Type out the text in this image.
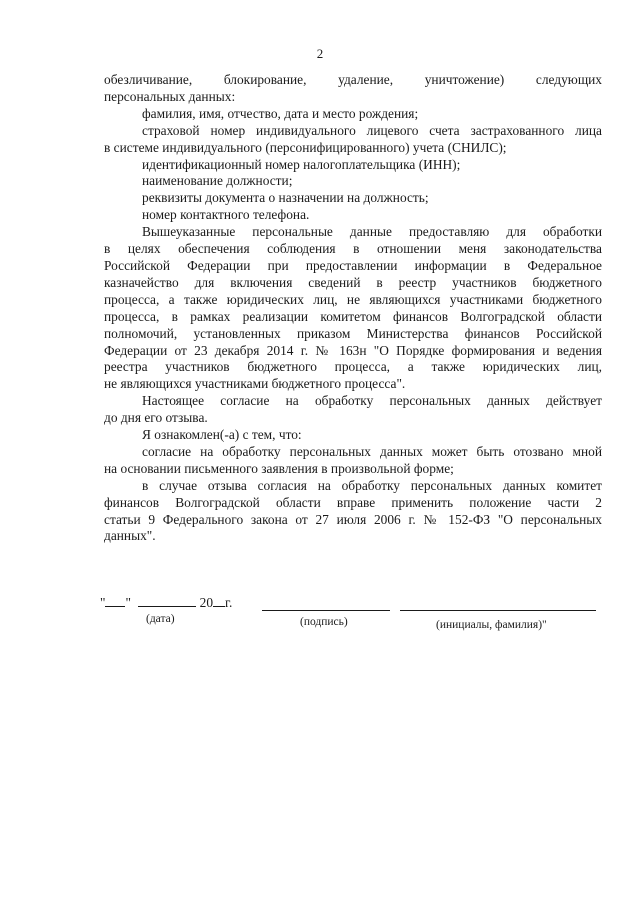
2
обезличивание, блокирование, удаление, уничтожение) следующих
персональных данных:
фамилия, имя, отчество, дата и место рождения;
страховой номер индивидуального лицевого счета застрахованного лица
в системе индивидуального (персонифицированного) учета (СНИЛС);
идентификационный номер налогоплательщика (ИНН);
наименование должности;
реквизиты документа о назначении на должность;
номер контактного телефона.
Вышеуказанные персональные данные предоставляю для обработки
в целях обеспечения соблюдения в отношении меня законодательства
Российской Федерации при предоставлении информации в Федеральное
казначейство для включения сведений в реестр участников бюджетного
процесса, а также юридических лиц, не являющихся участниками бюджетного
процесса, в рамках реализации комитетом финансов Волгоградской области
полномочий, установленных приказом Министерства финансов Российской
Федерации от 23 декабря 2014 г. № 163н "О Порядке формирования и ведения
реестра участников бюджетного процесса, а также юридических лиц,
не являющихся участниками бюджетного процесса".
Настоящее согласие на обработку персональных данных действует
до дня его отзыва.
Я ознакомлен(-а) с тем, что:
согласие на обработку персональных данных может быть отозвано мной
на основании письменного заявления в произвольной форме;
в случае отзыва согласия на обработку персональных данных комитет
финансов Волгоградской области вправе применить положение части 2
статьи 9 Федерального закона от 27 июля 2006 г. № 152-ФЗ "О персональных
данных".
" "	20 г.
(дата)	(подпись)	(инициалы, фамилия)"
